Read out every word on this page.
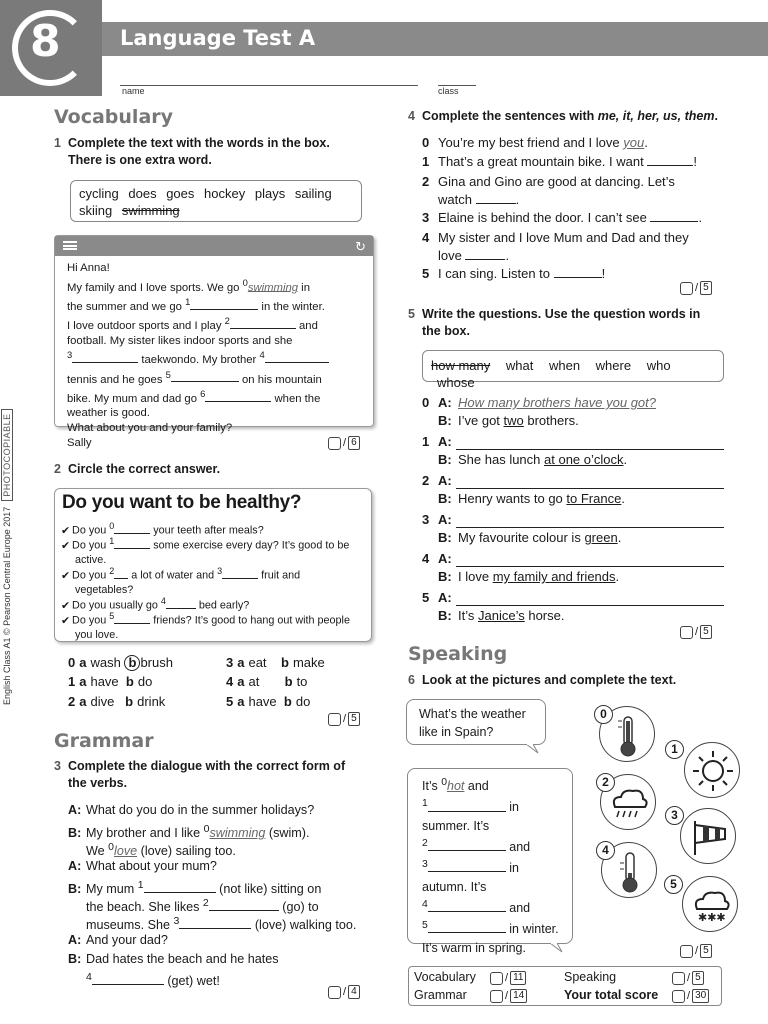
8	Language Test A
name	class
English Class A1 © Pearson Central Europe 2017PHOTOCOPIABLE
Vocabulary
1 Complete the text with the words in the box.
There is one extra word.
cycling does goes hockey plays sailing
skiing swimming
↻
Hi Anna!
My family and I love sports. We go $^0$swimming in
the summer and we go $^1$	in the winter.
I love outdoor sports and I play $^2$	and
football. My sister likes indoor sports and she
$^3$	taekwondo. My brother $^4$
tennis and he goes $^5$	on his mountain
bike. My mum and dad go $^6$	when the
weather is good.
What about you and your family?
Sally	/ 6
2 Circle the correct answer.
Do you want to be healthy?
✔ Do you $^0$	your teeth after meals?
✔ Do you $^1$	some exercise every day? It’s good to be
active.
✔ Do you $^2$ a lot of water and $^3$	fruit and
vegetables?
✔ Do you usually go $^4$	bed early?
✔ Do you $^5$	friends? It’s good to hang out with people
you love.
0 a wash b brush
1 a have b do
2 a dive b drink
3 a eat b make
4 a at b to
5 a have b do
/ 5
Grammar
3 Complete the dialogue with the correct form of
the verbs.
A: What do you do in the summer holidays?
B: My brother and I like $^0$swimming (swim).
We $^0$love (love) sailing too.
A: What about your mum?
B: My mum $^1$	(not like) sitting on
the beach. She likes $^2$	(go) to
museums. She $^3$	(love) walking too.
A: And your dad?
B: Dad hates the beach and he hates
$^4$	(get) wet!
/ 4
4 Complete the sentences with me, it, her, us, them.
0 You’re my best friend and I love you.
1 That’s a great mountain bike. I want	!
2 Gina and Gino are good at dancing. Let’s
watch	.
3 Elaine is behind the door. I can’t see	.
4 My sister and I love Mum and Dad and they
love	.
5 I can sing. Listen to	!
/ 5
5 Write the questions. Use the question words in
the box.
how many what when where who whose
0 A: How many brothers have you got?
B: I’ve got two brothers.
1 A:
B: She has lunch at one o’clock.
2 A:
B: Henry wants to go to France.
3 A:
B: My favourite colour is green.
4 A:
B: I love my family and friends.
5 A:
B: It’s Janice’s horse.
/ 5
Speaking
6 Look at the pictures and complete the text.
What’s the weather
like in Spain?
It’s $^0$hot and
$^1$	in
summer. It’s
$^2$	and
$^3$	in
autumn. It’s
$^4$	and
$^5$	in winter.
It’s warm in spring.
0
1
2
3
4
✱✱✱
5
/ 5
Vocabulary	/ 11
Grammar	/ 14
Speaking	/ 5
Your total score	/ 30
